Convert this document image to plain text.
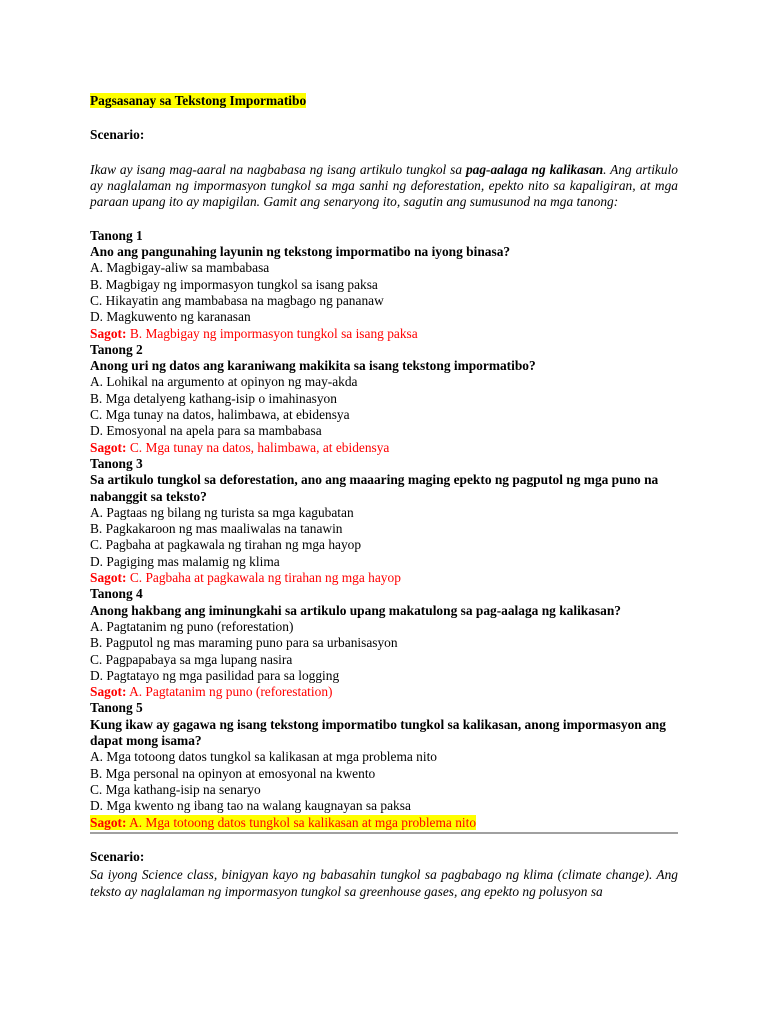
Pagsasanay sa Tekstong Impormatibo
Scenario:
Ikaw ay isang mag-aaral na nagbabasa ng isang artikulo tungkol sa pag-aalaga ng kalikasan. Ang artikulo ay naglalaman ng impormasyon tungkol sa mga sanhi ng deforestation, epekto nito sa kapaligiran, at mga paraan upang ito ay mapigilan. Gamit ang senaryong ito, sagutin ang sumusunod na mga tanong:
Tanong 1
Ano ang pangunahing layunin ng tekstong impormatibo na iyong binasa?
A. Magbigay-aliw sa mambabasa
B. Magbigay ng impormasyon tungkol sa isang paksa
C. Hikayatin ang mambabasa na magbago ng pananaw
D. Magkuwento ng karanasan
Sagot: B. Magbigay ng impormasyon tungkol sa isang paksa
Tanong 2
Anong uri ng datos ang karaniwang makikita sa isang tekstong impormatibo?
A. Lohikal na argumento at opinyon ng may-akda
B. Mga detalyeng kathang-isip o imahinasyon
C. Mga tunay na datos, halimbawa, at ebidensya
D. Emosyonal na apela para sa mambabasa
Sagot: C. Mga tunay na datos, halimbawa, at ebidensya
Tanong 3
Sa artikulo tungkol sa deforestation, ano ang maaaring maging epekto ng pagputol ng mga puno na nabanggit sa teksto?
A. Pagtaas ng bilang ng turista sa mga kagubatan
B. Pagkakaroon ng mas maaliwalas na tanawin
C. Pagbaha at pagkawala ng tirahan ng mga hayop
D. Pagiging mas malamig ng klima
Sagot: C. Pagbaha at pagkawala ng tirahan ng mga hayop
Tanong 4
Anong hakbang ang iminungkahi sa artikulo upang makatulong sa pag-aalaga ng kalikasan?
A. Pagtatanim ng puno (reforestation)
B. Pagputol ng mas maraming puno para sa urbanisasyon
C. Pagpapabaya sa mga lupang nasira
D. Pagtatayo ng mga pasilidad para sa logging
Sagot: A. Pagtatanim ng puno (reforestation)
Tanong 5
Kung ikaw ay gagawa ng isang tekstong impormatibo tungkol sa kalikasan, anong impormasyon ang dapat mong isama?
A. Mga totoong datos tungkol sa kalikasan at mga problema nito
B. Mga personal na opinyon at emosyonal na kwento
C. Mga kathang-isip na senaryo
D. Mga kwento ng ibang tao na walang kaugnayan sa paksa
Sagot: A. Mga totoong datos tungkol sa kalikasan at mga problema nito
Scenario:
Sa iyong Science class, binigyan kayo ng babasahin tungkol sa pagbabago ng klima (climate change). Ang teksto ay naglalaman ng impormasyon tungkol sa greenhouse gases, ang epekto ng polusyon sa
